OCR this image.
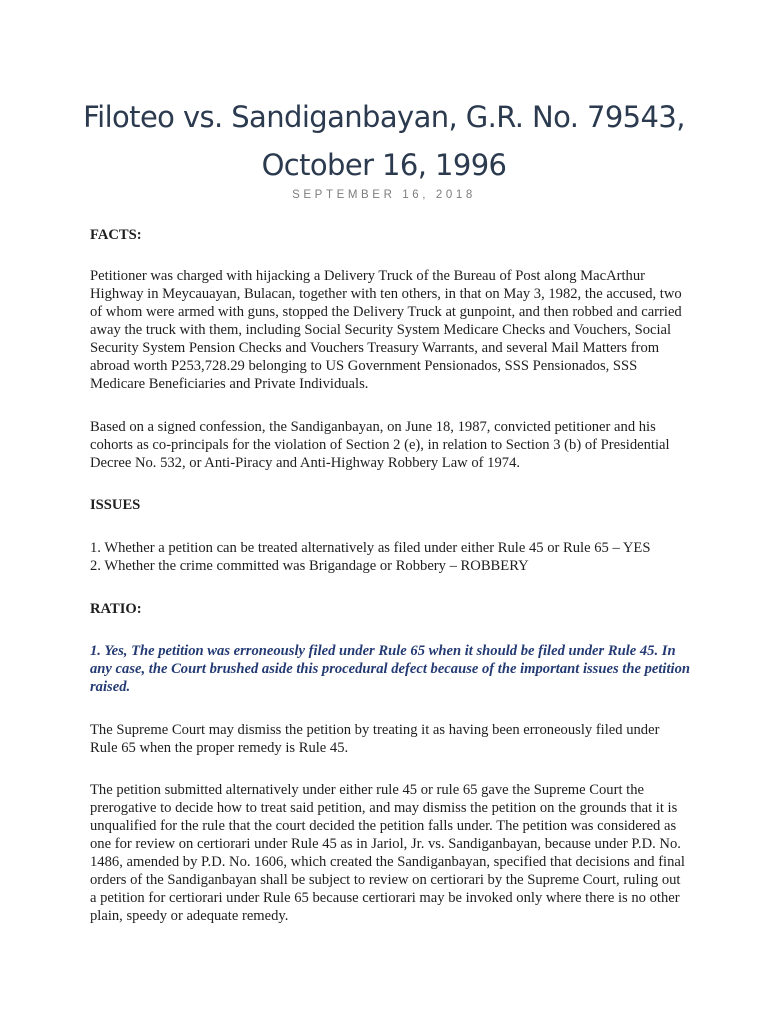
Filoteo vs. Sandiganbayan, G.R. No. 79543, October 16, 1996
SEPTEMBER 16, 2018

FACTS:

Petitioner was charged with hijacking a Delivery Truck of the Bureau of Post along MacArthur Highway in Meycauayan, Bulacan, together with ten others, in that on May 3, 1982, the accused, two of whom were armed with guns, stopped the Delivery Truck at gunpoint, and then robbed and carried away the truck with them, including Social Security System Medicare Checks and Vouchers, Social Security System Pension Checks and Vouchers Treasury Warrants, and several Mail Matters from abroad worth P253,728.29 belonging to US Government Pensionados, SSS Pensionados, SSS Medicare Beneficiaries and Private Individuals.

Based on a signed confession, the Sandiganbayan, on June 18, 1987, convicted petitioner and his cohorts as co-principals for the violation of Section 2 (e), in relation to Section 3 (b) of Presidential Decree No. 532, or Anti-Piracy and Anti-Highway Robbery Law of 1974.

ISSUES

1. Whether a petition can be treated alternatively as filed under either Rule 45 or Rule 65 – YES
2. Whether the crime committed was Brigandage or Robbery – ROBBERY

RATIO:

1. Yes, The petition was erroneously filed under Rule 65 when it should be filed under Rule 45. In any case, the Court brushed aside this procedural defect because of the important issues the petition raised.

The Supreme Court may dismiss the petition by treating it as having been erroneously filed under Rule 65 when the proper remedy is Rule 45.

The petition submitted alternatively under either rule 45 or rule 65 gave the Supreme Court the prerogative to decide how to treat said petition, and may dismiss the petition on the grounds that it is unqualified for the rule that the court decided the petition falls under. The petition was considered as one for review on certiorari under Rule 45 as in Jariol, Jr. vs. Sandiganbayan, because under P.D. No. 1486, amended by P.D. No. 1606, which created the Sandiganbayan, specified that decisions and final orders of the Sandiganbayan shall be subject to review on certiorari by the Supreme Court, ruling out a petition for certiorari under Rule 65 because certiorari may be invoked only where there is no other plain, speedy or adequate remedy.
